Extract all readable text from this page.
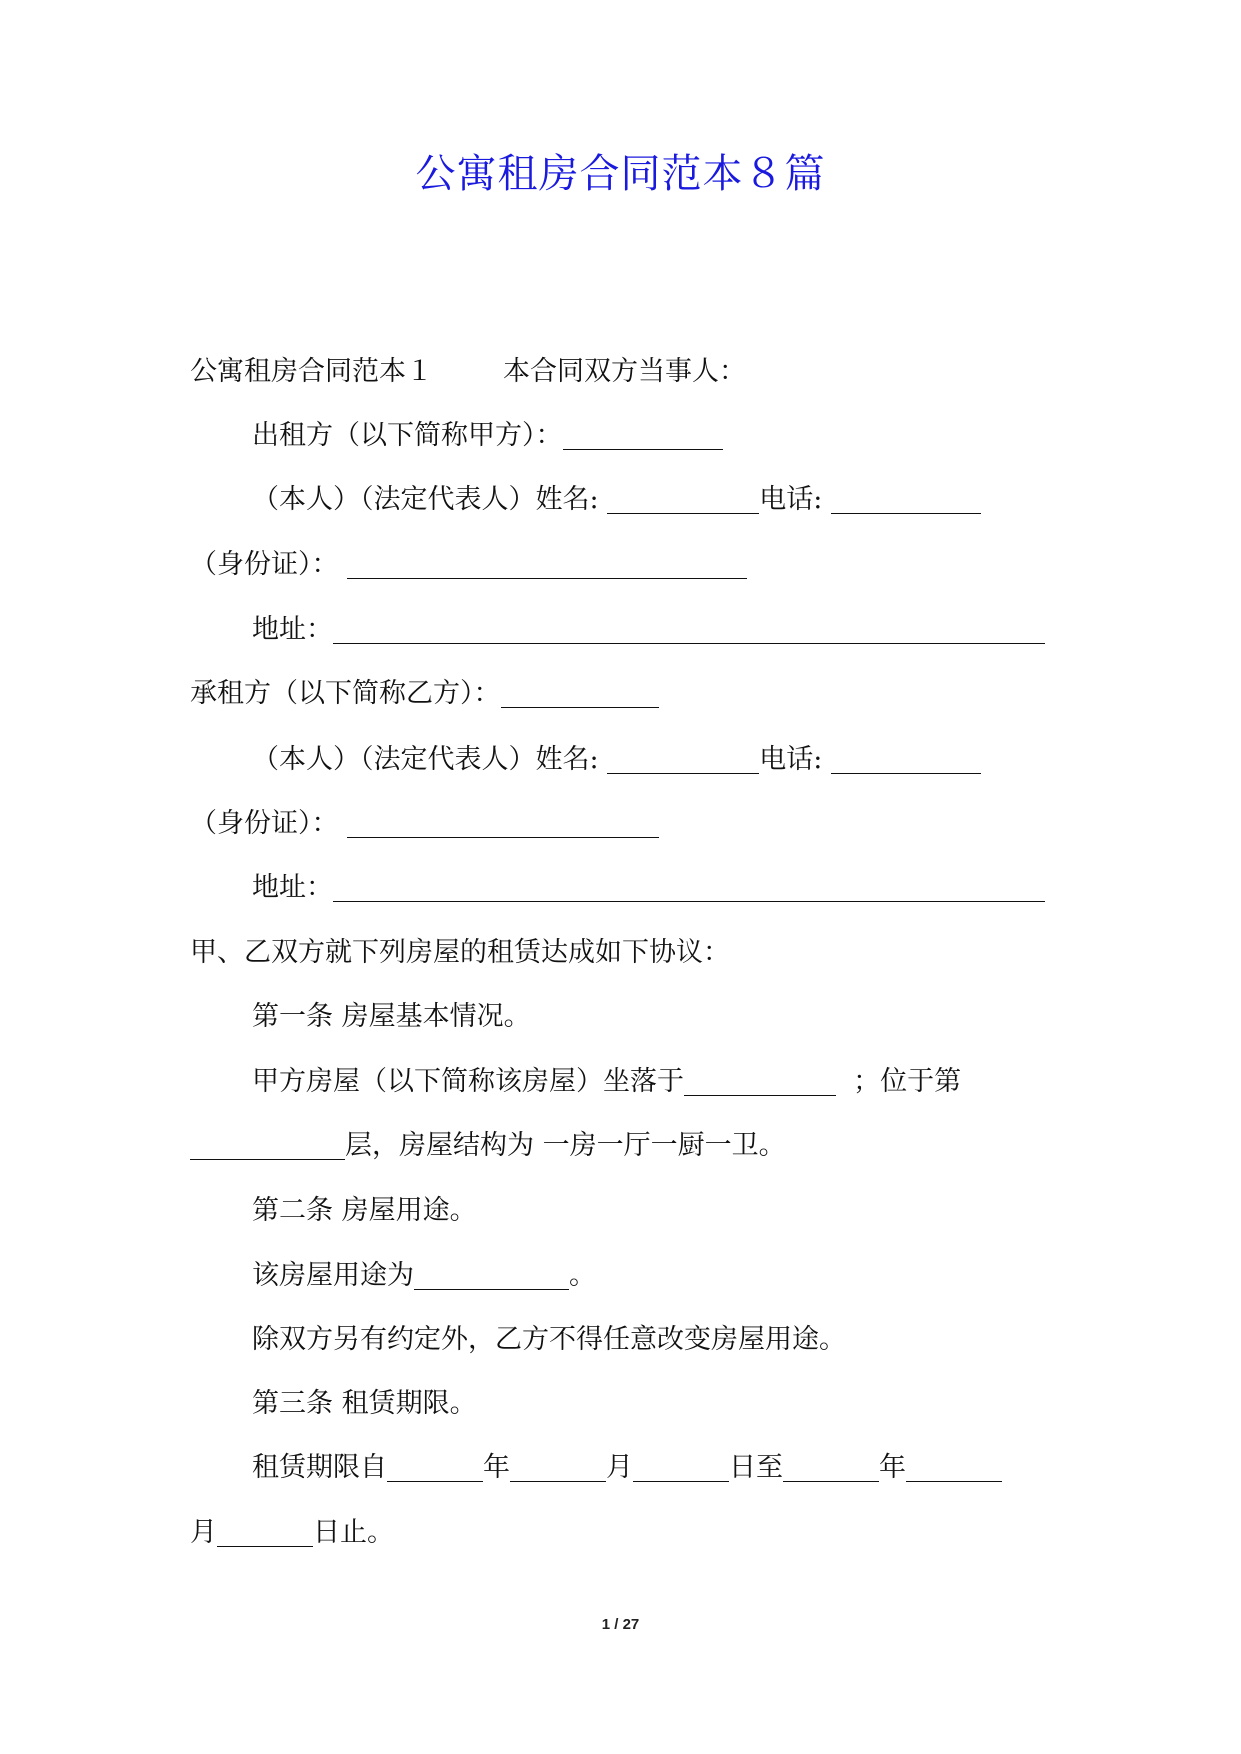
公寓租房合同范本８篇
公寓租房合同范本１	本合同双方当事人：
出租方（以下简称甲方）：
（本人）（法定代表人）姓名:	电话:
（身份证）：
地址：
承租方（以下简称乙方）：
（本人）（法定代表人）姓名:	电话:
（身份证）：
地址：
甲、乙双方就下列房屋的租赁达成如下协议：
第一条 房屋基本情况。
甲方房屋（以下简称该房屋）坐落于	；位于第
层，房屋结构为 一房一厅一厨一卫。
第二条 房屋用途。
该房屋用途为	。
除双方另有约定外，乙方不得任意改变房屋用途。
第三条 租赁期限。
租赁期限自	年	月	日至	年
月	日止。
1 / 27
